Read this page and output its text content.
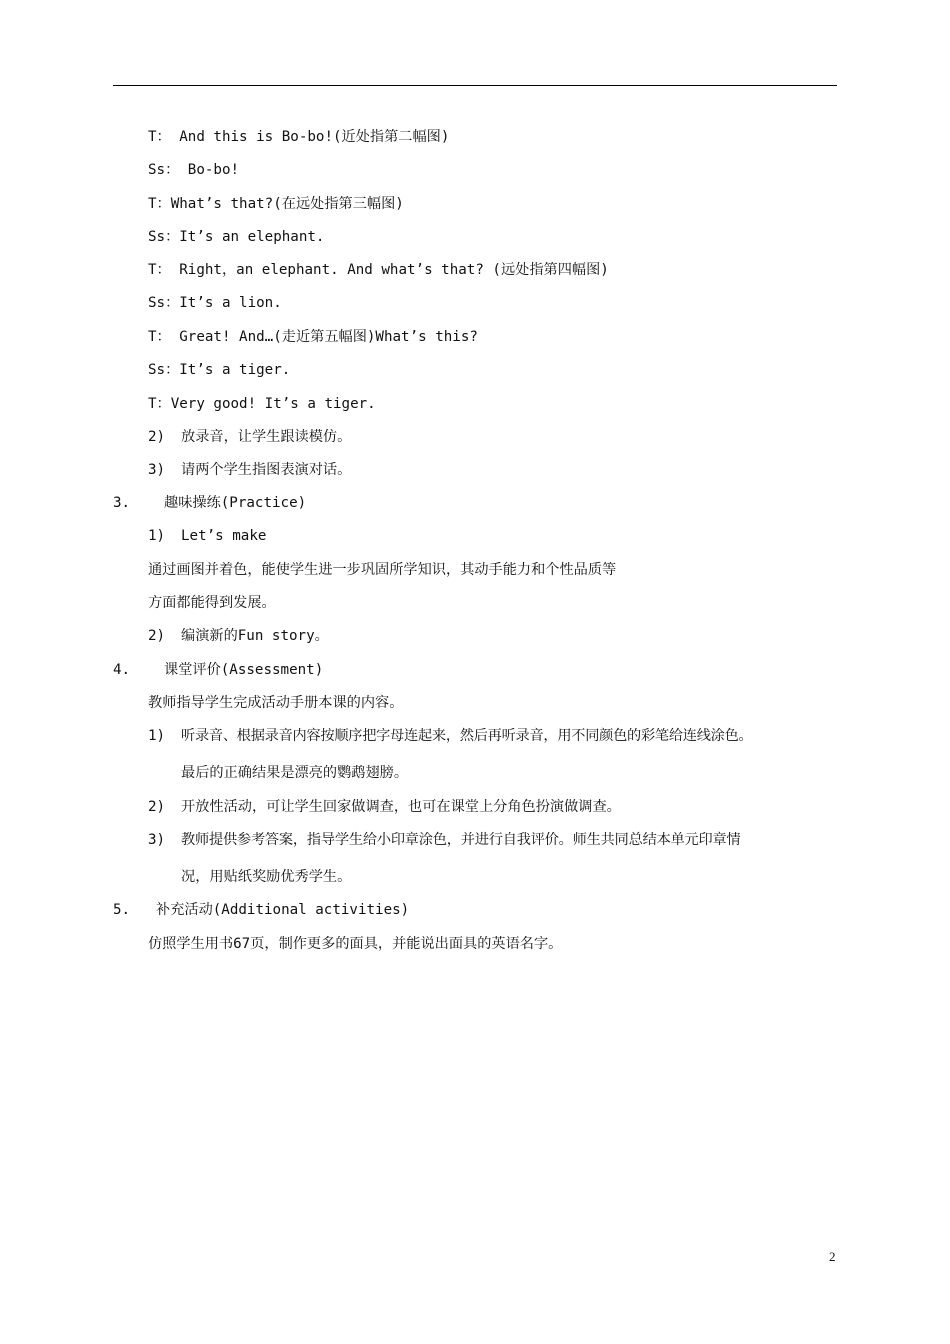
T： And this is Bo-bo!(近处指第二幅图)
Ss： Bo-bo!
T：What’s that?(在远处指第三幅图)
Ss：It’s an elephant.
T： Right，an elephant. And what’s that? (远处指第四幅图)
Ss：It’s a lion.
T： Great! And…(走近第五幅图)What’s this?
Ss：It’s a tiger.
T：Very good! It’s a tiger.
2) 放录音，让学生跟读模仿。
3) 请两个学生指图表演对话。
3. 趣味操练(Practice)
1) Let’s make
通过画图并着色，能使学生进一步巩固所学知识，其动手能力和个性品质等
方面都能得到发展。
2) 编演新的Fun story。
4. 课堂评价(Assessment)
教师指导学生完成活动手册本课的内容。
1) 听录音、根据录音内容按顺序把字母连起来，然后再听录音，用不同颜色的彩笔给连线涂色。
最后的正确结果是漂亮的鹦鹉翅膀。
2) 开放性活动，可让学生回家做调查，也可在课堂上分角色扮演做调查。
3) 教师提供参考答案，指导学生给小印章涂色，并进行自我评价。师生共同总结本单元印章情
况，用贴纸奖励优秀学生。
5. 补充活动(Additional activities)
仿照学生用书67页，制作更多的面具，并能说出面具的英语名字。
2
